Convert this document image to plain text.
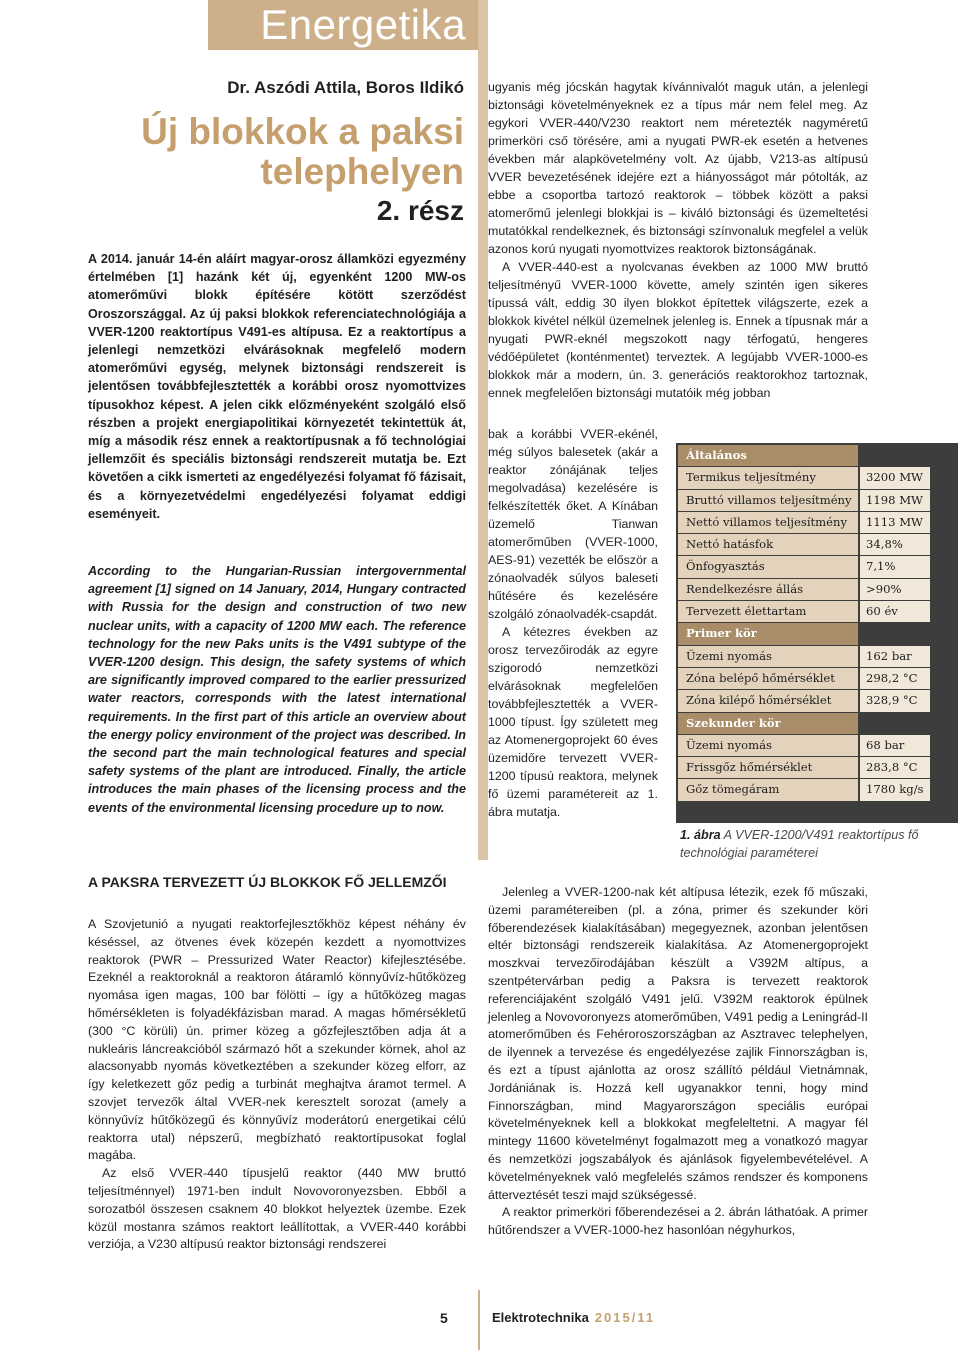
Energetika
Dr. Aszódi Attila, Boros Ildikó
Új blokkok a paksi
telephelyen
2. rész
A 2014. január 14-én aláírt magyar-orosz államközi egyezmény értelmében [1] hazánk két új, egyenként 1200 MW-os atomerőművi blokk építésére kötött szerződést Oroszországgal. Az új paksi blokkok referenciatechnológiája a VVER-1200 reaktortípus V491-es altípusa. Ez a reaktortípus a jelenlegi nemzetközi elvárásoknak megfelelő modern atomerőművi egység, melynek biztonsági rendszereit is jelentősen továbbfejlesztették a korábbi orosz nyomottvizes típusokhoz képest. A jelen cikk előzményeként szolgáló első részben a projekt energiapolitikai környezetét tekintettük át, míg a második rész ennek a reaktortípusnak a fő technológiai jellemzőit és speciális biztonsági rendszereit mutatja be. Ezt követően a cikk ismerteti az engedélyezési folyamat fő fázisait, és a környezetvédelmi engedélyezési folyamat eddigi eseményeit.
According to the Hungarian-Russian intergovernmental agreement [1] signed on 14 January, 2014, Hungary contracted with Russia for the design and construction of two new nuclear units, with a capacity of 1200 MW each. The reference technology for the new Paks units is the V491 subtype of the VVER-1200 design. This design, the safety systems of which are significantly improved compared to the earlier pressurized water reactors, corresponds with the latest international requirements. In the first part of this article an overview about the energy policy environment of the project was described. In the second part the main technological features and special safety systems of the plant are introduced. Finally, the article introduces the main phases of the licensing process and the events of the environmental licensing procedure up to now.
A PAKSRA TERVEZETT ÚJ BLOKKOK FŐ JELLEMZŐI

A Szovjetunió a nyugati reaktorfejlesztőkhöz képest néhány év késéssel, az ötvenes évek közepén kezdett a nyomottvizes reaktorok (PWR – Pressurized Water Reactor) kifejlesztésébe. Ezeknél a reaktoroknál a reaktoron átáramló könnyűvíz-hűtőközeg nyomása igen magas, 100 bar fölötti – így a hűtőközeg magas hőmérsékleten is folyadékfázisban marad. A magas hőmérsékletű (300 °C körüli) ún. primer közeg a gőzfejlesztőben adja át a nukleáris láncreakcióból származó hőt a szekunder körnek, ahol az alacsonyabb nyomás következtében a szekunder közeg elforr, az így keletkezett gőz pedig a turbinát meghajtva áramot termel. A szovjet tervezők által VVER-nek keresztelt sorozat (amely a könnyűvíz hűtőközegű és könnyűvíz moderátorú energetikai célú reaktorra utal) népszerű, megbízható reaktortípusokat foglal magába.

Az első VVER-440 típusjelű reaktor (440 MW bruttó teljesítménnyel) 1971-ben indult Novovoronyezsben. Ebből a sorozatból összesen csaknem 40 blokkot helyeztek üzembe. Ezek közül mostanra számos reaktort leállítottak, a VVER-440 korábbi verziója, a V230 altípusú reaktor biztonsági rendszerei

ugyanis még jócskán hagytak kívánnivalót maguk után, a jelenlegi biztonsági követelményeknek ez a típus már nem felel meg. Az egykori VVER-440/V230 reaktort nem méretezték nagyméretű primerköri cső törésére, ami a nyugati PWR-ek esetén a hetvenes években már alapkövetelmény volt. Az újabb, V213-as altípusú VVER bevezetésének idejére ezt a hiányosságot már pótolták, az ebbe a csoportba tartozó reaktorok – többek között a paksi atomerőmű jelenlegi blokkjai is – kiváló biztonsági és üzemeltetési mutatókkal rendelkeznek, és biztonsági színvonaluk megfelel a velük azonos korú nyugati nyomottvizes reaktorok biztonságának.

A VVER-440-est a nyolcvanas években az 1000 MW bruttó teljesítményű VVER-1000 követte, amely szintén igen sikeres típussá vált, eddig 30 ilyen blokkot építettek világszerte, ezek a blokkok kivétel nélkül üzemelnek jelenleg is. Ennek a típusnak már a nyugati PWR-eknél megszokott nagy térfogatú, hengeres védőépületet (konténmentet) terveztek. A legújabb VVER-1000-es blokkok már a modern, ún. 3. generációs reaktorokhoz tartoznak, ennek megfelelően biztonsági mutatóik még jobban

bak a korábbi VVER-ekénél, még súlyos balesetek (akár a reaktor zónájának teljes megolvadása) kezelésére is felkészítették őket. A Kínában üzemelő Tianwan atomerőműben (VVER-1000, AES-91) vezették be először a zónaolvadék súlyos baleseti hűtésére és kezelésére szolgáló zónaolvadék-csapdát.

A kétezres években az orosz tervezőirodák az egyre szigorodó nemzetközi elvárásoknak megfelelően továbbfejlesztették a VVER-1000 típust. Így született meg az Atomenergoprojekt 60 éves üzemidőre tervezett VVER-1200 típusú reaktora, melynek fő üzemi paramétereit az 1. ábra mutatja.

Általános
Termikus teljesítmény	3200 MW
Bruttó villamos teljesítmény	1198 MW
Nettó villamos teljesítmény	1113 MW
Nettó hatásfok	34,8%
Önfogyasztás	7,1%
Rendelkezésre állás	>90%
Tervezett élettartam	60 év
Primer kör
Üzemi nyomás	162 bar
Zóna belépő hőmérséklet	298,2 °C
Zóna kilépő hőmérséklet	328,9 °C
Szekunder kör
Üzemi nyomás	68 bar
Frissgőz hőmérséklet	283,8 °C
Gőz tömegáram	1780 kg/s
1. ábra A VVER-1200/V491 reaktortípus fő technológiai paraméterei

Jelenleg a VVER-1200-nak két altípusa létezik, ezek fő műszaki, üzemi paramétereiben (pl. a zóna, primer és szekunder köri főberendezések kialakításában) megegyeznek, azonban jelentősen eltér biztonsági rendszereik kialakítása. Az Atomenergoprojekt moszkvai tervezőirodájában készült a V392M altípus, a szentpétervárban pedig a Paksra is tervezett reaktorok referenciájaként szolgáló V491 jelű. V392M reaktorok épülnek jelenleg a Novovoronyezs atomerőműben, V491 pedig a Leningrád-II atomerőműben és Fehéroroszországban az Asztravec telephelyen, de ilyennek a tervezése és engedélyezése zajlik Finnországban is, és ezt a típust ajánlotta az orosz szállító például Vietnámnak, Jordániának is. Hozzá kell ugyanakkor tenni, hogy mind Finnországban, mind Magyarországon speciális európai követelményeknek kell a blokkokat megfeleltetni. A magyar fél mintegy 11600 követelményt fogalmazott meg a vonatkozó magyar és nemzetközi jogszabályok és ajánlások figyelembevételével. A követelményeknek való megfelelés számos rendszer és komponens átterveztését teszi majd szükségessé.

A reaktor primerköri főberendezései a 2. ábrán láthatóak. A primer hűtőrendszer a VVER-1000-hez hasonlóan négyhurkos,

5	Elektrotechnika 2015/11
